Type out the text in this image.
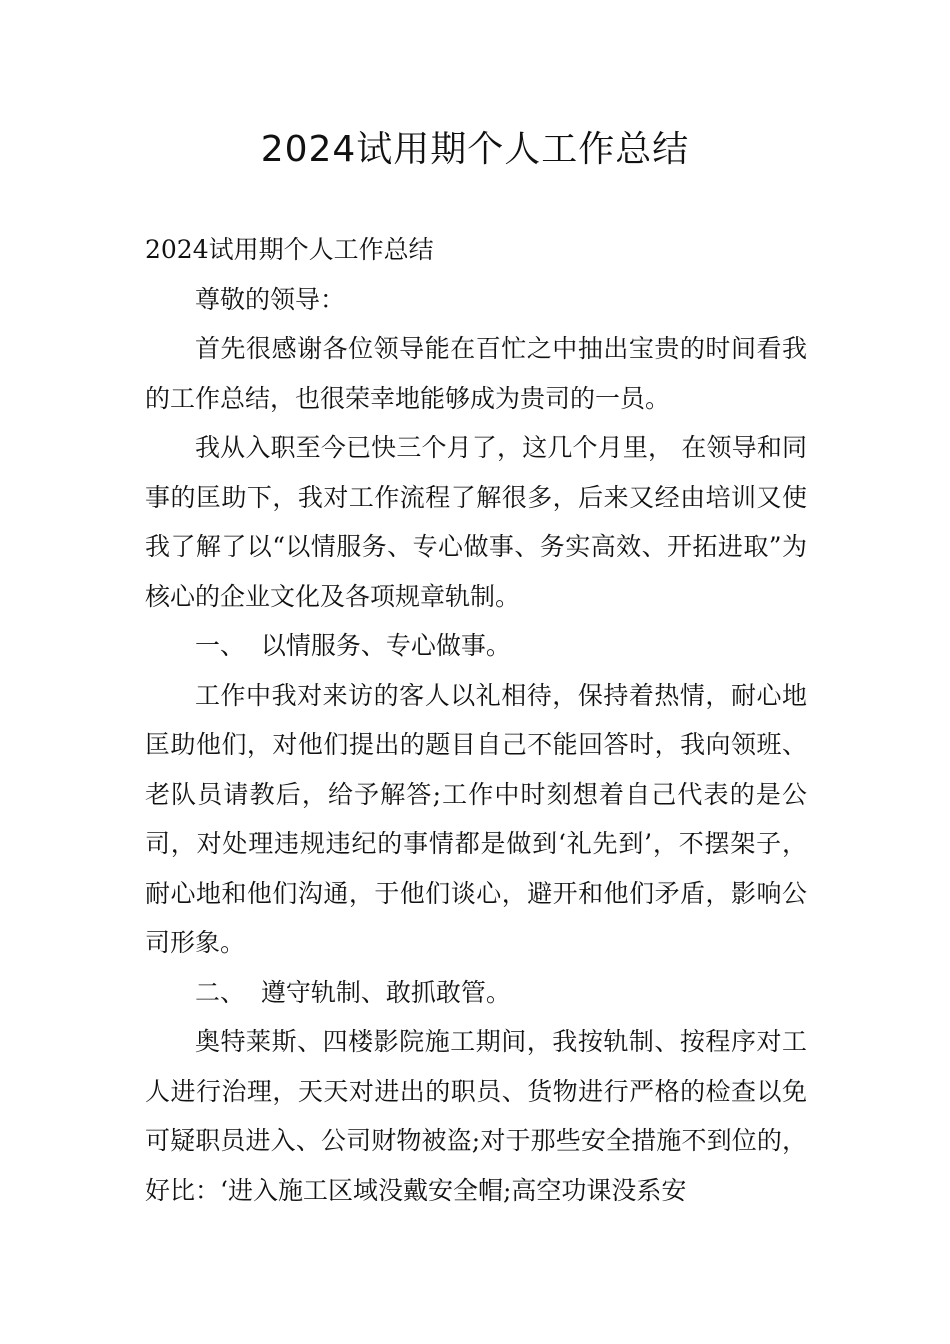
2024试用期个人工作总结

2024试用期个人工作总结

尊敬的领导：

首先很感谢各位领导能在百忙之中抽出宝贵的时间看我的工作总结，也很荣幸地能够成为贵司的一员。

我从入职至今已快三个月了，这几个月里， 在领导和同事的匡助下，我对工作流程了解很多，后来又经由培训又使我了解了以“以情服务、专心做事、务实高效、开拓进取”为核心的企业文化及各项规章轨制。

一、  以情服务、专心做事。

工作中我对来访的客人以礼相待，保持着热情，耐心地匡助他们，对他们提出的题目自己不能回答时，我向领班、老队员请教后，给予解答;工作中时刻想着自己代表的是公司，对处理违规违纪的事情都是做到‘礼先到’，不摆架子，耐心地和他们沟通，于他们谈心，避开和他们矛盾，影响公司形象。

二、  遵守轨制、敢抓敢管。

奥特莱斯、四楼影院施工期间，我按轨制、按程序对工人进行治理，天天对进出的职员、货物进行严格的检查以免可疑职员进入、公司财物被盗;对于那些安全措施不到位的，好比：‘进入施工区域没戴安全帽;高空功课没系安
